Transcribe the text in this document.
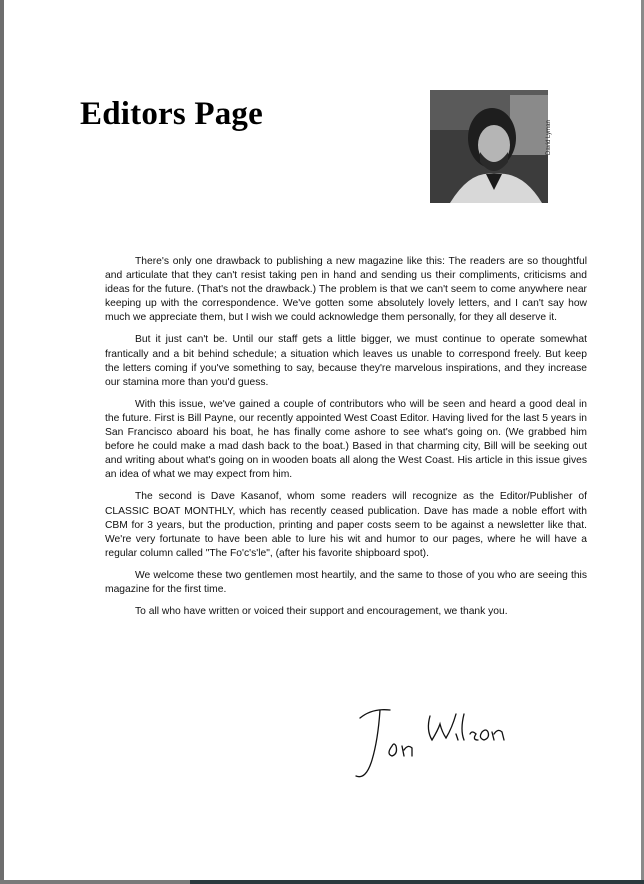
Editors Page
David Lyman

There's only one drawback to publishing a new magazine like this: The readers are so thoughtful and articulate that they can't resist taking pen in hand and sending us their compliments, criticisms and ideas for the future. (That's not the drawback.) The problem is that we can't seem to come anywhere near keeping up with the correspondence. We've gotten some absolutely lovely letters, and I can't say how much we appreciate them, but I wish we could acknowledge them personally, for they all deserve it.

But it just can't be. Until our staff gets a little bigger, we must continue to operate somewhat frantically and a bit behind schedule; a situation which leaves us unable to correspond freely. But keep the letters coming if you've something to say, because they're marvelous inspirations, and they increase our stamina more than you'd guess.

With this issue, we've gained a couple of contributors who will be seen and heard a good deal in the future. First is Bill Payne, our recently appointed West Coast Editor. Having lived for the last 5 years in San Francisco aboard his boat, he has finally come ashore to see what's going on. (We grabbed him before he could make a mad dash back to the boat.) Based in that charming city, Bill will be seeking out and writing about what's going on in wooden boats all along the West Coast. His article in this issue gives an idea of what we may expect from him.

The second is Dave Kasanof, whom some readers will recognize as the Editor/Publisher of CLASSIC BOAT MONTHLY, which has recently ceased publication. Dave has made a noble effort with CBM for 3 years, but the production, printing and paper costs seem to be against a newsletter like that. We're very fortunate to have been able to lure his wit and humor to our pages, where he will have a regular column called "The Fo'c's'le", (after his favorite shipboard spot).

We welcome these two gentlemen most heartily, and the same to those of you who are seeing this magazine for the first time.

To all who have written or voiced their support and encouragement, we thank you.
